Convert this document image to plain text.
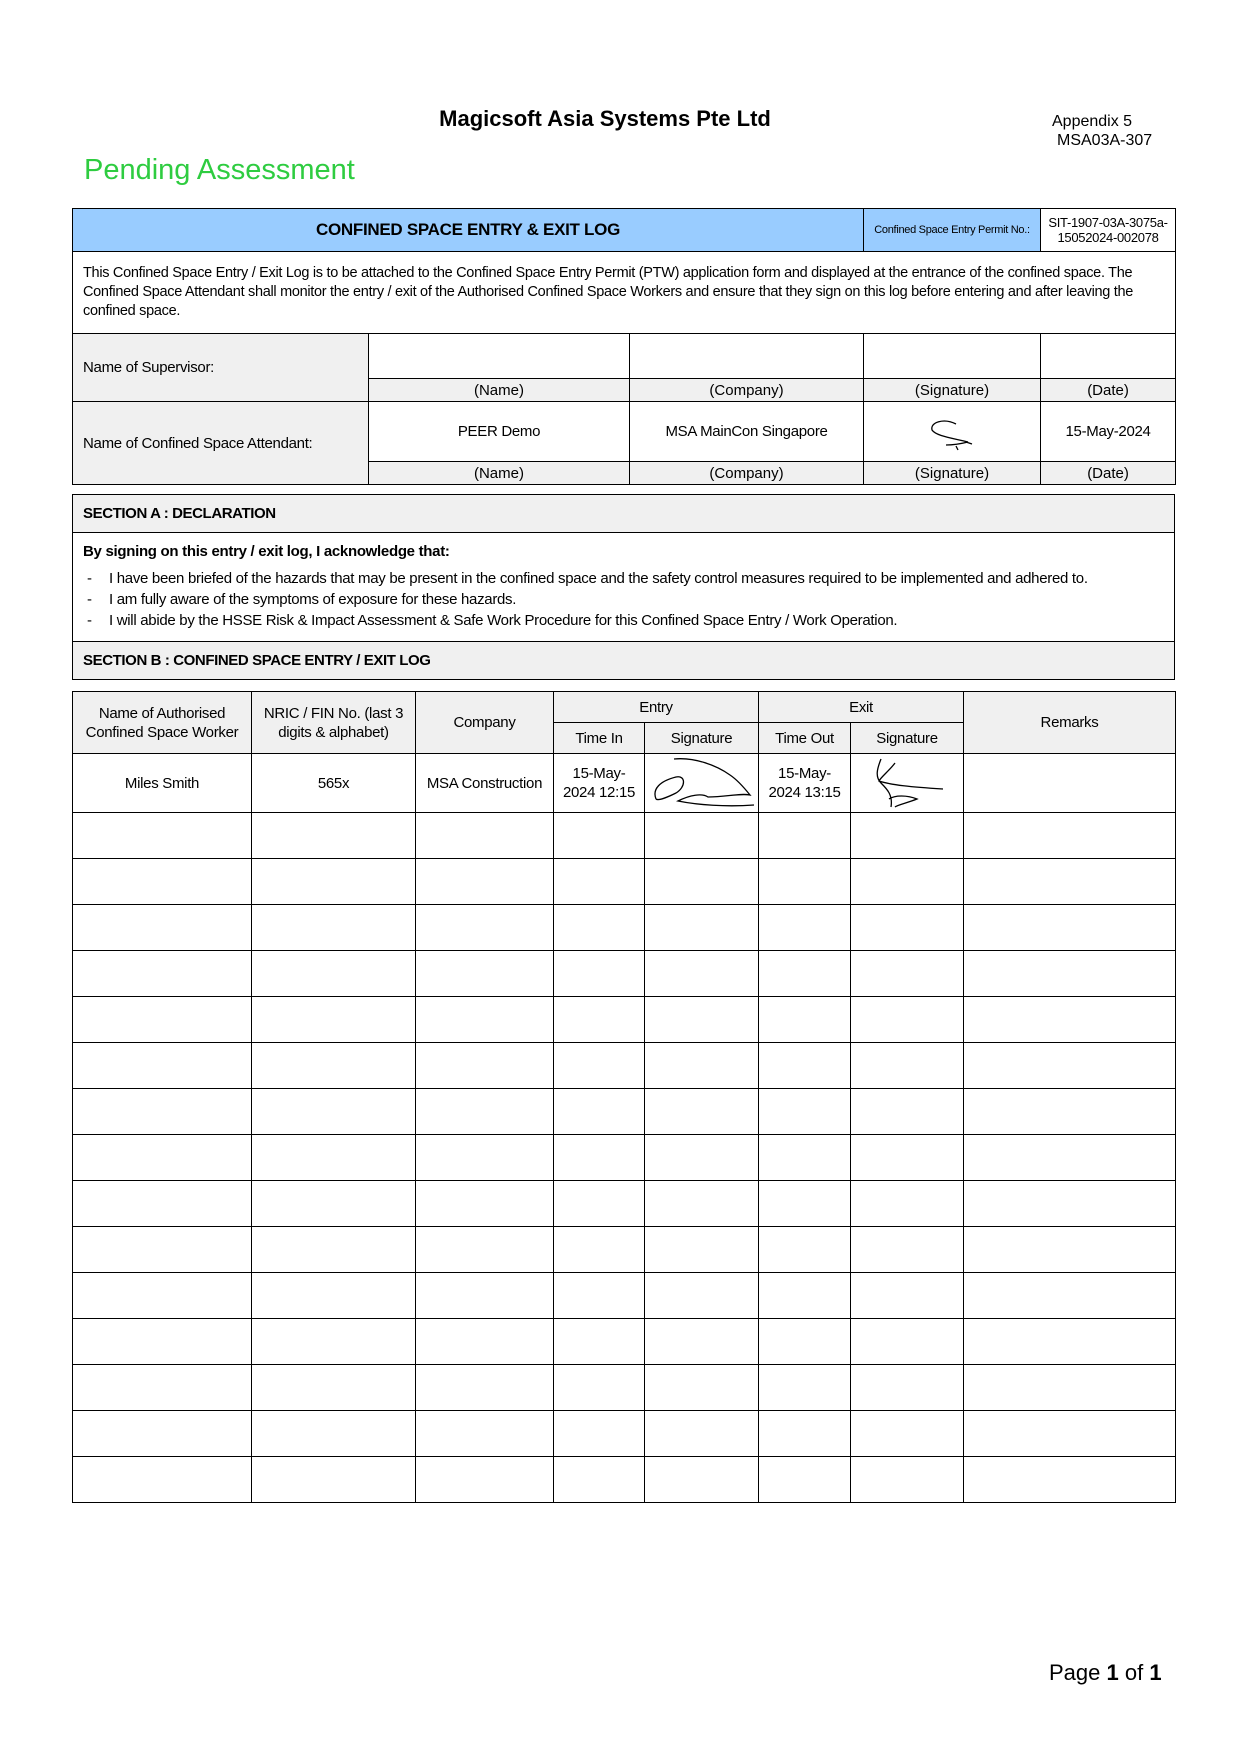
Magicsoft Asia Systems Pte Ltd	Appendix 5
MSA03A-307
Pending Assessment
CONFINED SPACE ENTRY & EXIT LOG			Confined Space Entry Permit No.:	SIT-1907-03A-3075a-15052024-002078
This Confined Space Entry / Exit Log is to be attached to the Confined Space Entry Permit (PTW) application form and displayed at the entrance of the confined space. The Confined Space Attendant shall monitor the entry / exit of the Authorised Confined Space Workers and ensure that they sign on this log before entering and after leaving the confined space.				
Name of Supervisor:				
	(Name)	(Company)	(Signature)	(Date)
Name of Confined Space Attendant:	PEER Demo	MSA MainCon Singapore		15-May-2024
	(Name)	(Company)	(Signature)	(Date)
SECTION A : DECLARATION

By signing on this entry / exit log, I acknowledge that:
- I have been briefed of the hazards that may be present in the confined space and the safety control measures required to be implemented and adhered to.
- I am fully aware of the symptoms of exposure for these hazards.
- I will abide by the HSSE Risk & Impact Assessment & Safe Work Procedure for this Confined Space Entry / Work Operation.

SECTION B : CONFINED SPACE ENTRY / EXIT LOG
Name of Authorised Confined Space Worker	NRIC / FIN No. (last 3 digits & alphabet)	Company	Entry		Exit		Remarks
			Time In	Signature	Time Out	Signature	
Miles Smith	565x	MSA Construction	15-May-2024 12:15		15-May-2024 13:15	

Page 1 of 1
